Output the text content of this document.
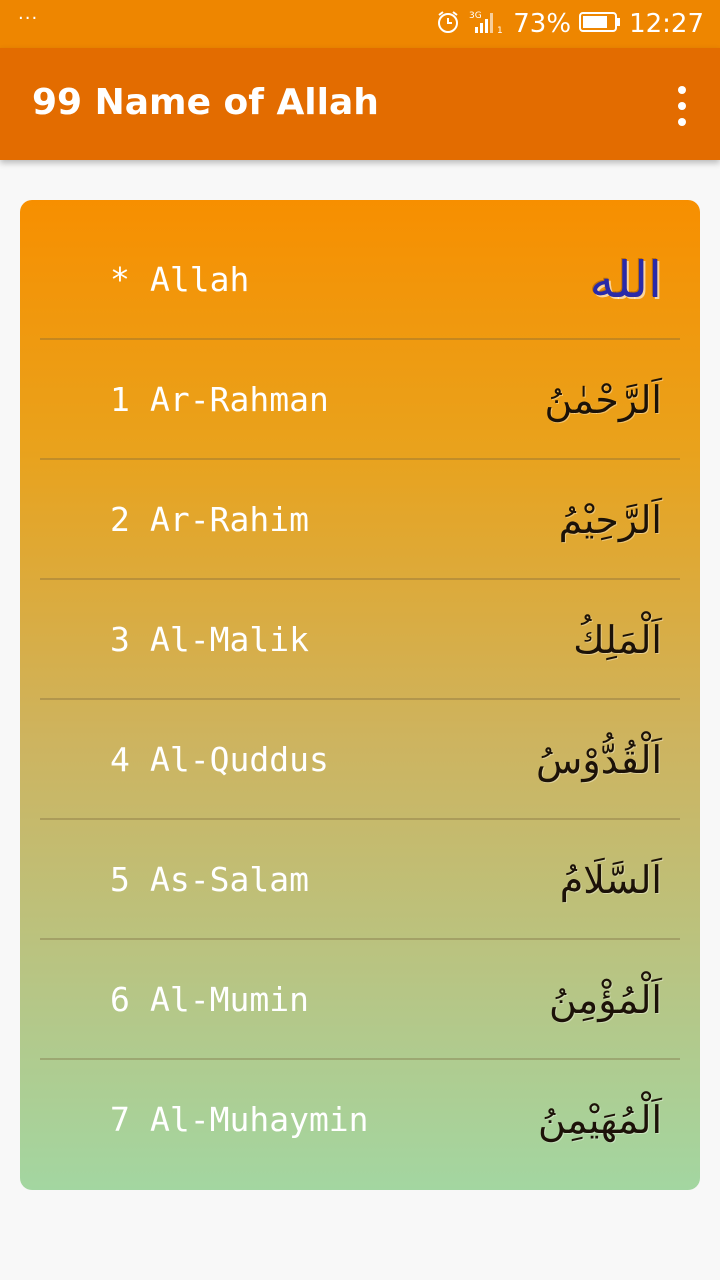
···	3G
1 73% 12:27
99 Name of Allah
* Allah	الله
1 Ar-Rahman	اَلرَّحْمٰنُ
2 Ar-Rahim	اَلرَّحِيْمُ
3 Al-Malik	اَلْمَلِكُ
4 Al-Quddus	اَلْقُدُّوْسُ
5 As-Salam	اَلسَّلَامُ
6 Al-Mumin	اَلْمُؤْمِنُ
7 Al-Muhaymin	اَلْمُهَيْمِنُ
